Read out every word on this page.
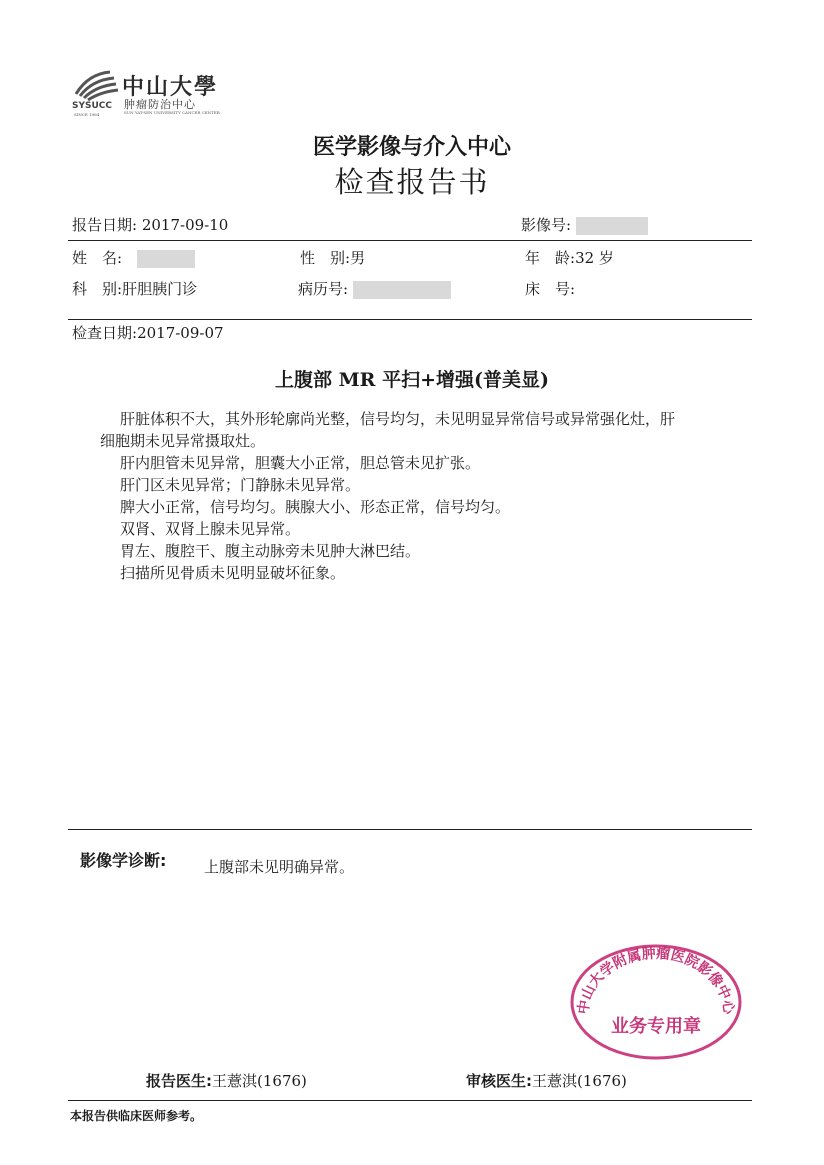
SYSUCC
SINCE 1964
中山大學
肿瘤防治中心
SUN YAT-SEN UNIVERSITY CANCER CENTER
医学影像与介入中心
检查报告书
报告日期: 2017-09-10	影像号:
姓　名:	性　别:男	年　龄:32 岁
科　别:肝胆胰门诊	病历号:	床　号:
检查日期:2017-09-07
上腹部 MR 平扫+增强(普美显)

肝脏体积不大，其外形轮廓尚光整，信号均匀，未见明显异常信号或异常强化灶，肝

细胞期未见异常摄取灶。

肝内胆管未见异常，胆囊大小正常，胆总管未见扩张。

肝门区未见异常；门静脉未见异常。

脾大小正常，信号均匀。胰腺大小、形态正常，信号均匀。

双肾、双肾上腺未见异常。

胃左、腹腔干、腹主动脉旁未见肿大淋巴结。

扫描所见骨质未见明显破坏征象。

影像学诊断:	上腹部未见明确异常。
中山大学附属肿瘤医院影像中心
业务专用章
报告医生:王薏淇(1676)	审核医生:王薏淇(1676)
本报告供临床医师参考。
